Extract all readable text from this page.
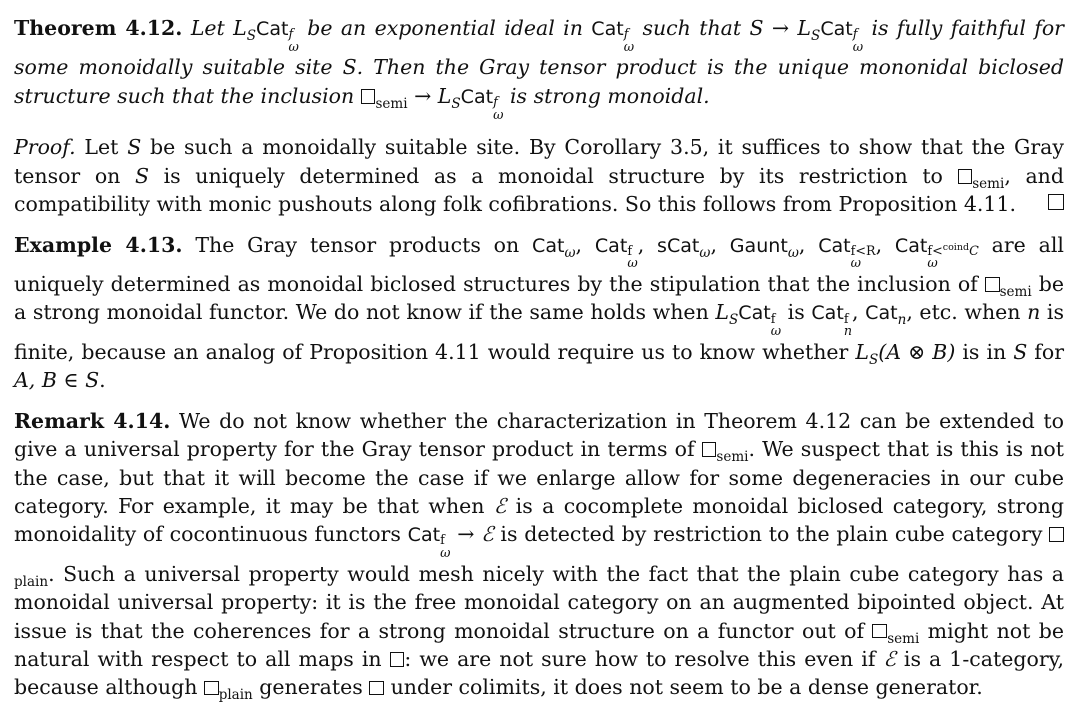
Theorem 4.12. Let $L_SCat$ f
ω
be an exponential ideal in Cat f
ω
such that $S \to L_SCat$ f
ω
is fully faithful for some monoidally suitable site S. Then the Gray tensor product is the unique mononidal biclosed structure such that the inclusion $_{semi} \to L_SCat$ f
ω
is strong monoidal.

Proof. Let S be such a monoidally suitable site. By Corollary 3.5, it suffices to show that the Gray tensor on S is uniquely determined as a monoidal structure by its restriction to $_{semi}$, and compatibility with monic pushouts along folk cofibrations. So this follows from Proposition 4.11.

Example 4.13. The Gray tensor products on Cat$_\omega$, Cat f
ω
, sCat$_\omega$, Gaunt$_\omega$, Cat f<R
ω
, Cat f<$^{coind}$C
ω
are all uniquely determined as monoidal biclosed structures by the stipulation that the inclusion of $_{semi}$ be a strong monoidal functor. We do not know if the same holds when $L_SCat$ f
ω
is Cat f
n
, Cat$_n$, etc. when n is finite, because an analog of Proposition 4.11 would require us to know whether $L_S(A$ ⊗ B) is in S for A, B ∈ S.

Remark 4.14. We do not know whether the characterization in Theorem 4.12 can be extended to give a universal property for the Gray tensor product in terms of $_{semi}$. We suspect that is this is not the case, but that it will become the case if we enlarge allow for some degeneracies in our cube category. For example, it may be that when ℰ is a cocomplete monoidal biclosed category, strong monoidality of cocontinuous functors Cat f
ω
→ ℰ is detected by restriction to the plain cube category $_{plain}$. Such a universal property would mesh nicely with the fact that the plain cube category has a monoidal universal property: it is the free monoidal category on an augmented bipointed object. At issue is that the coherences for a strong monoidal structure on a functor out of $_{semi}$ might not be natural with respect to all maps in : we are not sure how to resolve this even if ℰ is a 1-category, because although $_{plain}$ generates  under colimits, it does not seem to be a dense generator.
